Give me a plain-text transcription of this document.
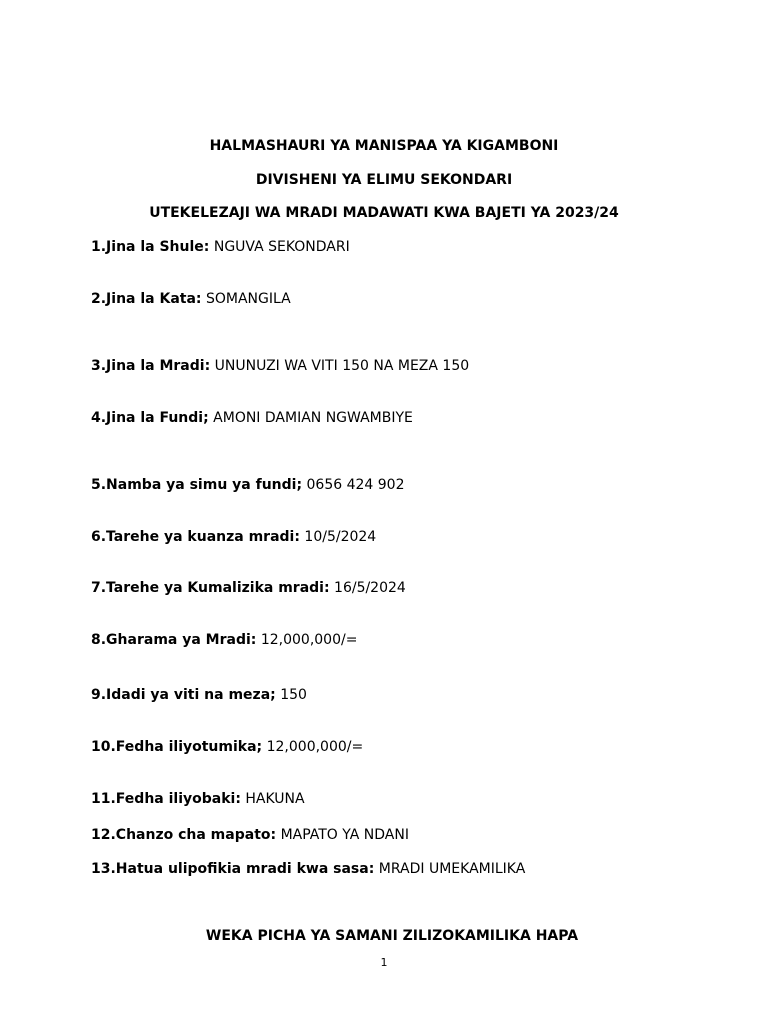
HALMASHAURI YA MANISPAA YA KIGAMBONI
DIVISHENI YA ELIMU SEKONDARI
UTEKELEZAJI WA MRADI MADAWATI KWA BAJETI YA 2023/24
1.Jina la Shule: NGUVA SEKONDARI
2.Jina la Kata: SOMANGILA
3.Jina la Mradi: UNUNUZI WA VITI 150 NA MEZA 150
4.Jina la Fundi; AMONI DAMIAN NGWAMBIYE
5.Namba ya simu ya fundi; 0656 424 902
6.Tarehe ya kuanza mradi: 10/5/2024
7.Tarehe ya Kumalizika mradi: 16/5/2024
8.Gharama ya Mradi: 12,000,000/=
9.Idadi ya viti na meza; 150
10.Fedha iliyotumika; 12,000,000/=
11.Fedha iliyobaki: HAKUNA
12.Chanzo cha mapato: MAPATO YA NDANI
13.Hatua ulipofikia mradi kwa sasa: MRADI UMEKAMILIKA
WEKA PICHA YA SAMANI ZILIZOKAMILIKA HAPA
1
